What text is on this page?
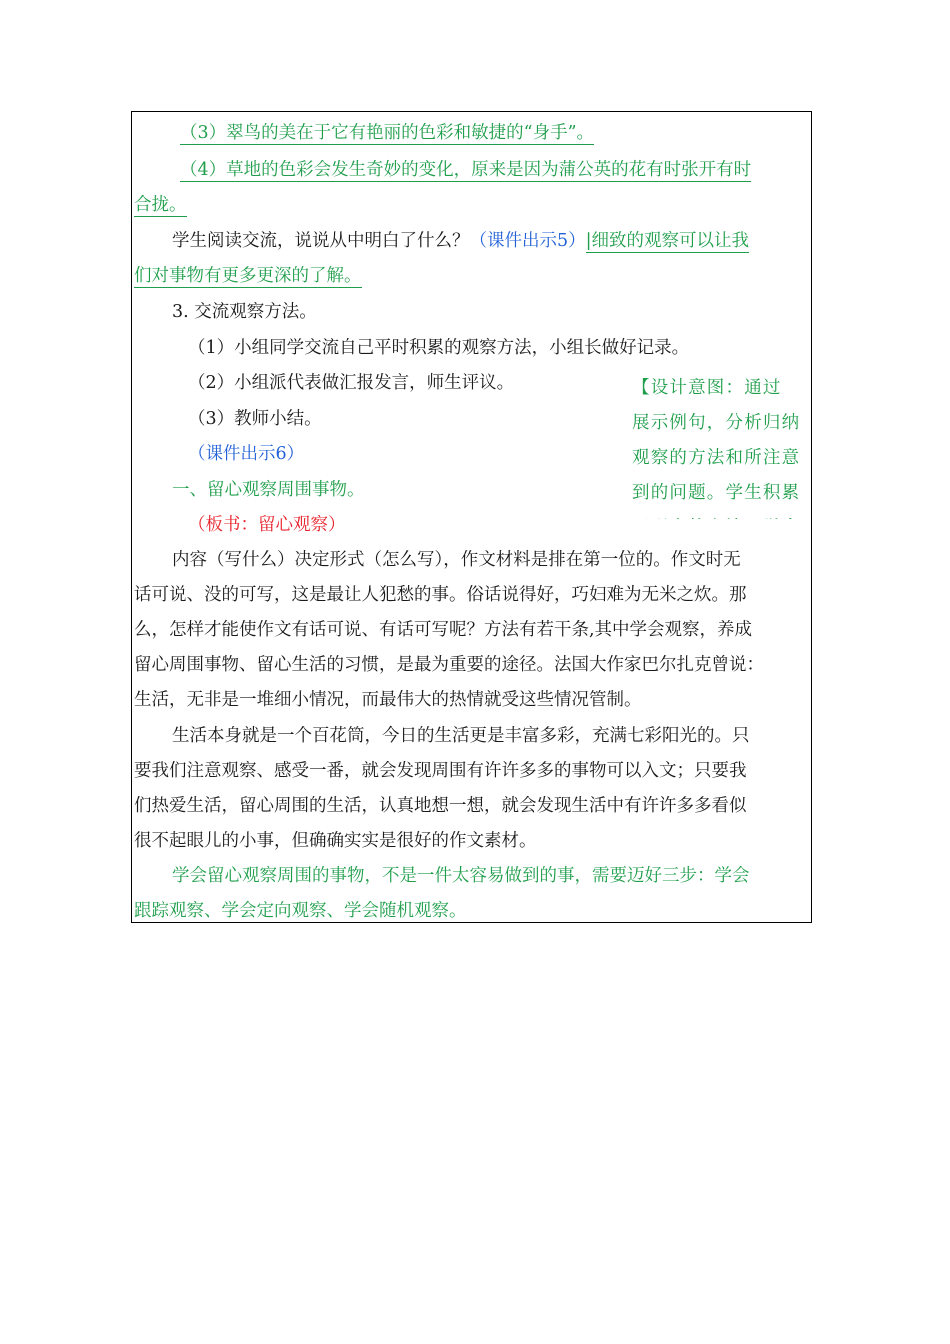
（3）翠鸟的美在于它有艳丽的色彩和敏捷的“身手”。
（4）草地的色彩会发生奇妙的变化，原来是因为蒲公英的花有时张开有时
合拢。
学生阅读交流，说说从中明白了什么？（课件出示5）|细致的观察可以让我
们对事物有更多更深的了解。
3. 交流观察方法。
（1）小组同学交流自己平时积累的观察方法，小组长做好记录。
（2）小组派代表做汇报发言，师生评议。
（3）教师小结。
（课件出示6）
一、留心观察周围事物。
（板书：留心观察）
【设计意图：通过
展示例句，分析归纳
观察的方法和所注意
到的问题。学生积累
内容（写什么）决定形式（怎么写），作文材料是排在第一位的。作文时无
话可说、没的可写，这是最让人犯愁的事。俗话说得好，巧妇难为无米之炊。那
么，怎样才能使作文有话可说、有话可写呢？方法有若干条,其中学会观察，养成
留心周围事物、留心生活的习惯，是最为重要的途径。法国大作家巴尔扎克曾说：
生活，无非是一堆细小情况，而最伟大的热情就受这些情况管制。
生活本身就是一个百花筒，今日的生活更是丰富多彩，充满七彩阳光的。只
要我们注意观察、感受一番，就会发现周围有许许多多的事物可以入文；只要我
们热爱生活，留心周围的生活，认真地想一想，就会发现生活中有许许多多看似
很不起眼儿的小事，但确确实实是很好的作文素材。
学会留心观察周围的事物，不是一件太容易做到的事，需要迈好三步：学会
跟踪观察、学会定向观察、学会随机观察。
